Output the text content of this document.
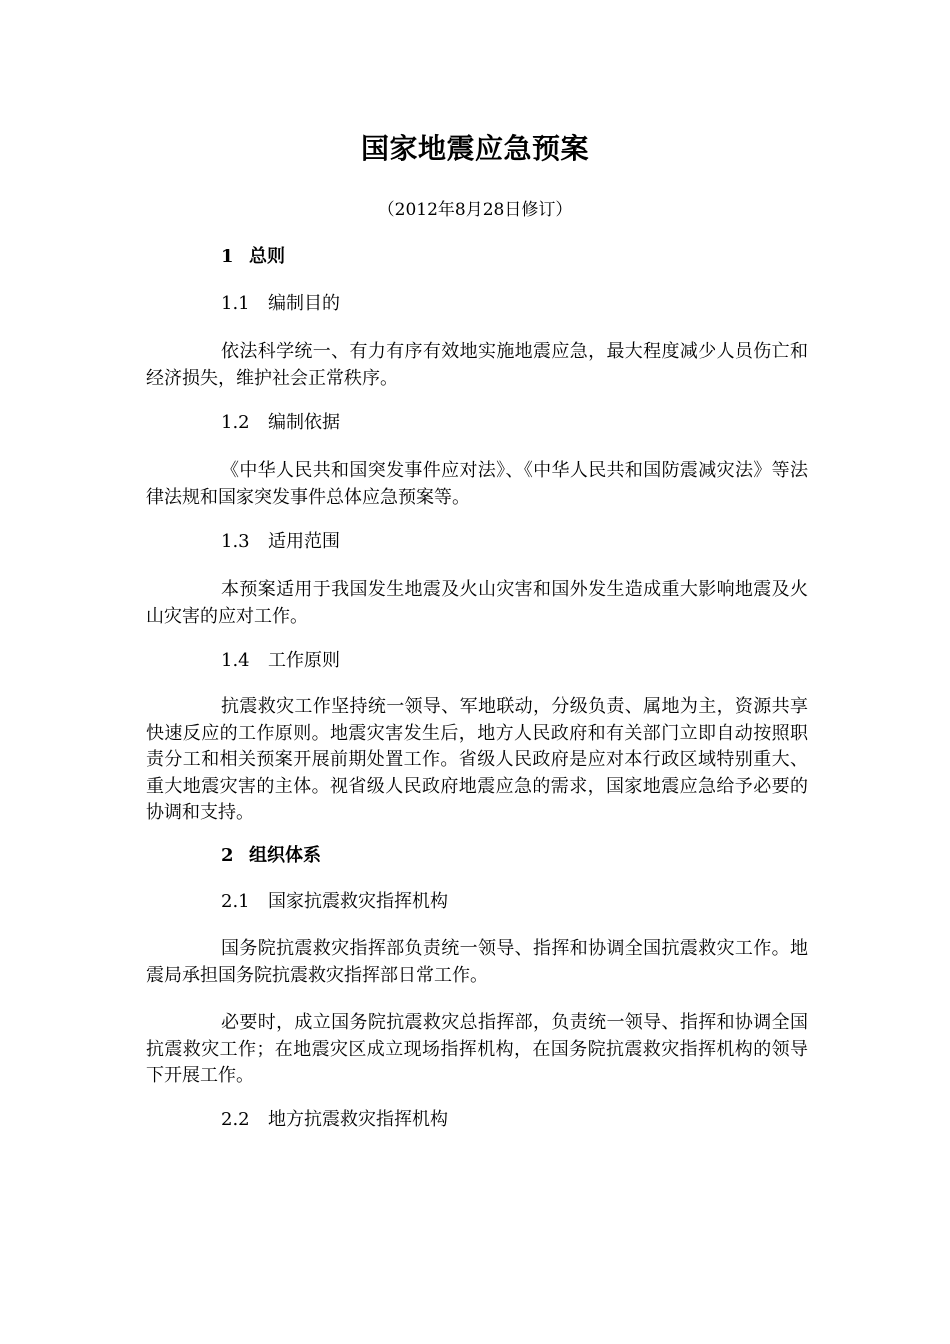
国家地震应急预案
（2012年8月28日修订）
1 总则
1.1 编制目的
依法科学统一、有力有序有效地实施地震应急，最大程度减少人员伤亡和经济损失，维护社会正常秩序。
1.2 编制依据
《中华人民共和国突发事件应对法》、《中华人民共和国防震减灾法》等法律法规和国家突发事件总体应急预案等。
1.3 适用范围
本预案适用于我国发生地震及火山灾害和国外发生造成重大影响地震及火山灾害的应对工作。
1.4 工作原则
抗震救灾工作坚持统一领导、军地联动，分级负责、属地为主，资源共享快速反应的工作原则。地震灾害发生后，地方人民政府和有关部门立即自动按照职责分工和相关预案开展前期处置工作。省级人民政府是应对本行政区域特别重大、重大地震灾害的主体。视省级人民政府地震应急的需求，国家地震应急给予必要的协调和支持。
2 组织体系
2.1 国家抗震救灾指挥机构
国务院抗震救灾指挥部负责统一领导、指挥和协调全国抗震救灾工作。地震局承担国务院抗震救灾指挥部日常工作。
必要时，成立国务院抗震救灾总指挥部，负责统一领导、指挥和协调全国抗震救灾工作；在地震灾区成立现场指挥机构，在国务院抗震救灾指挥机构的领导下开展工作。
2.2 地方抗震救灾指挥机构
